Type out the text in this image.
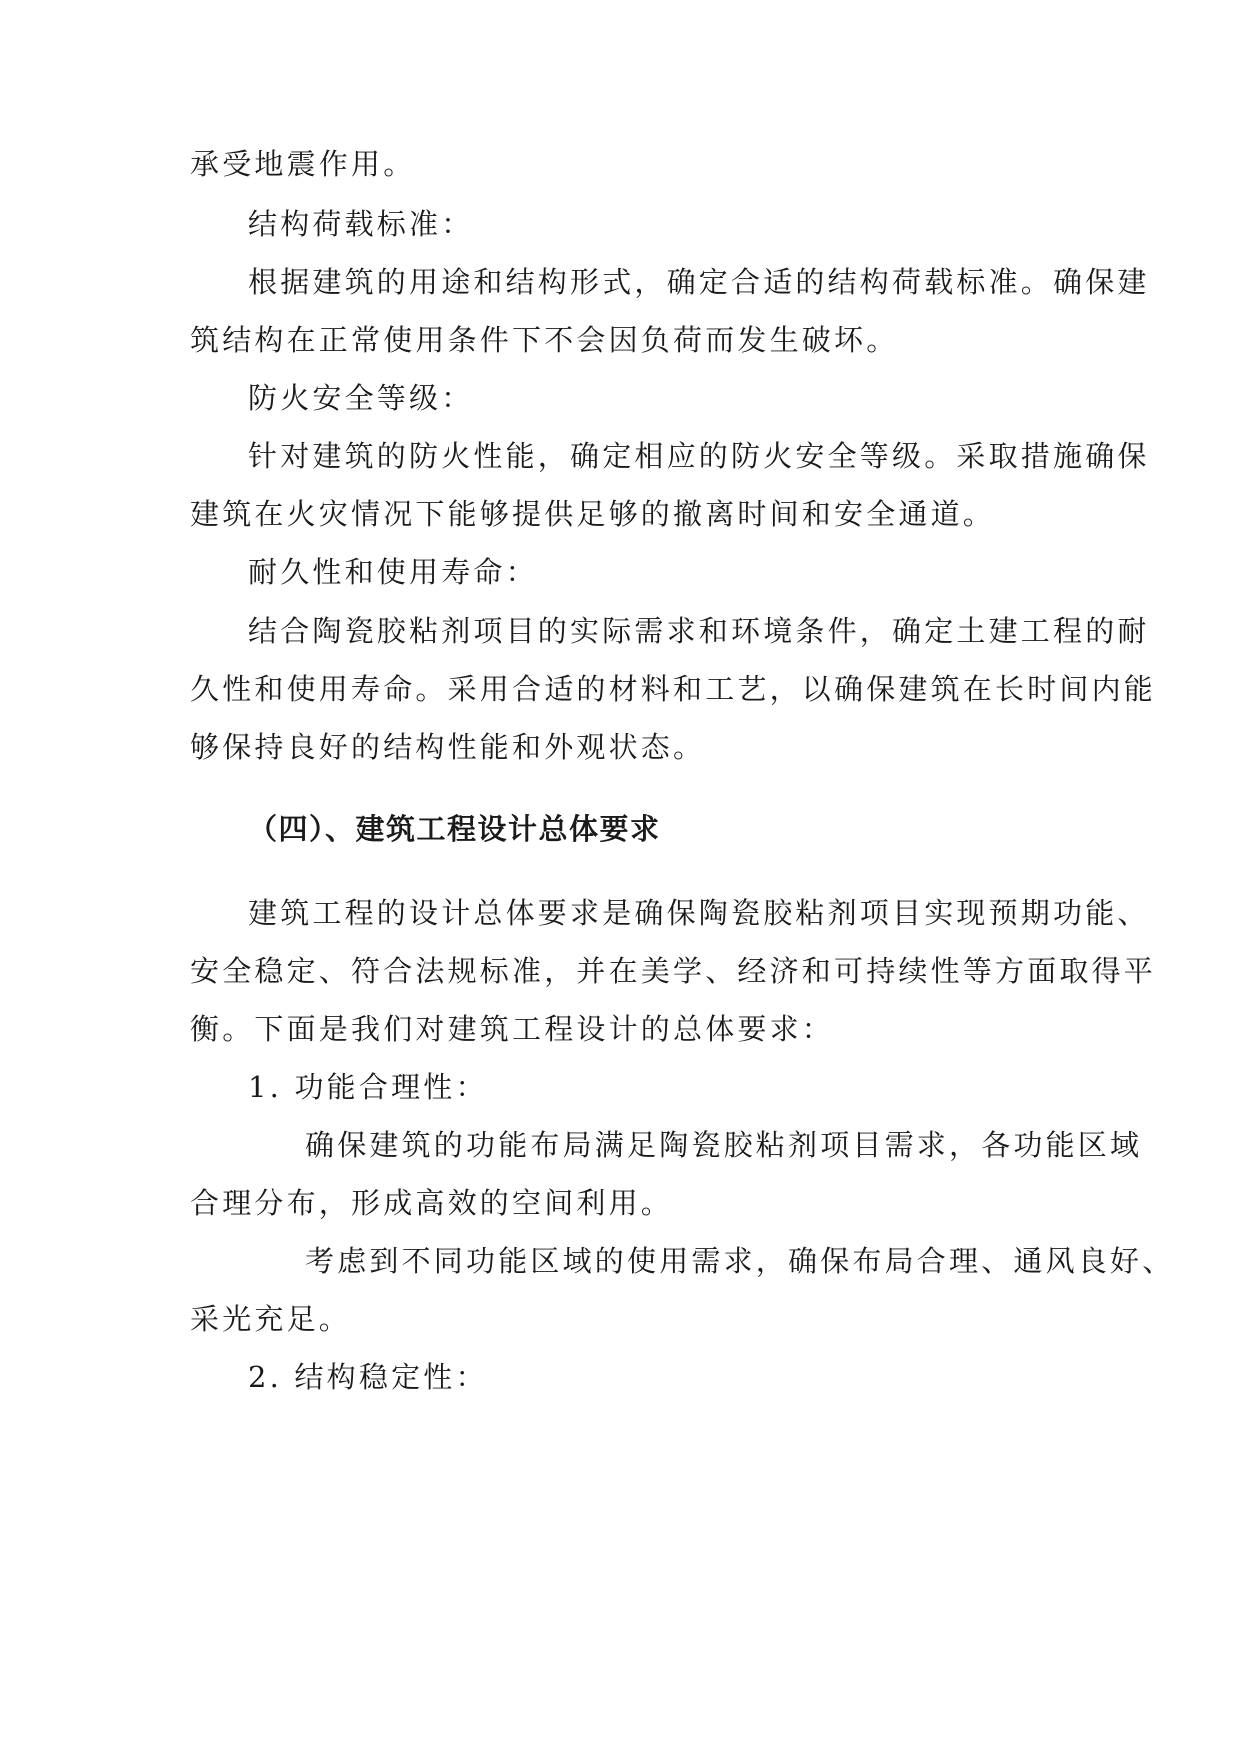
承受地震作用。
结构荷载标准：
根据建筑的用途和结构形式，确定合适的结构荷载标准。确保建
筑结构在正常使用条件下不会因负荷而发生破坏。
防火安全等级：
针对建筑的防火性能，确定相应的防火安全等级。采取措施确保
建筑在火灾情况下能够提供足够的撤离时间和安全通道。
耐久性和使用寿命：
结合陶瓷胶粘剂项目的实际需求和环境条件，确定土建工程的耐
久性和使用寿命。采用合适的材料和工艺，以确保建筑在长时间内能
够保持良好的结构性能和外观状态。
（四）、建筑工程设计总体要求
建筑工程的设计总体要求是确保陶瓷胶粘剂项目实现预期功能、
安全稳定、符合法规标准，并在美学、经济和可持续性等方面取得平
衡。下面是我们对建筑工程设计的总体要求：
1. 功能合理性：
确保建筑的功能布局满足陶瓷胶粘剂项目需求，各功能区域
合理分布，形成高效的空间利用。
考虑到不同功能区域的使用需求，确保布局合理、通风良好、
采光充足。
2. 结构稳定性：
